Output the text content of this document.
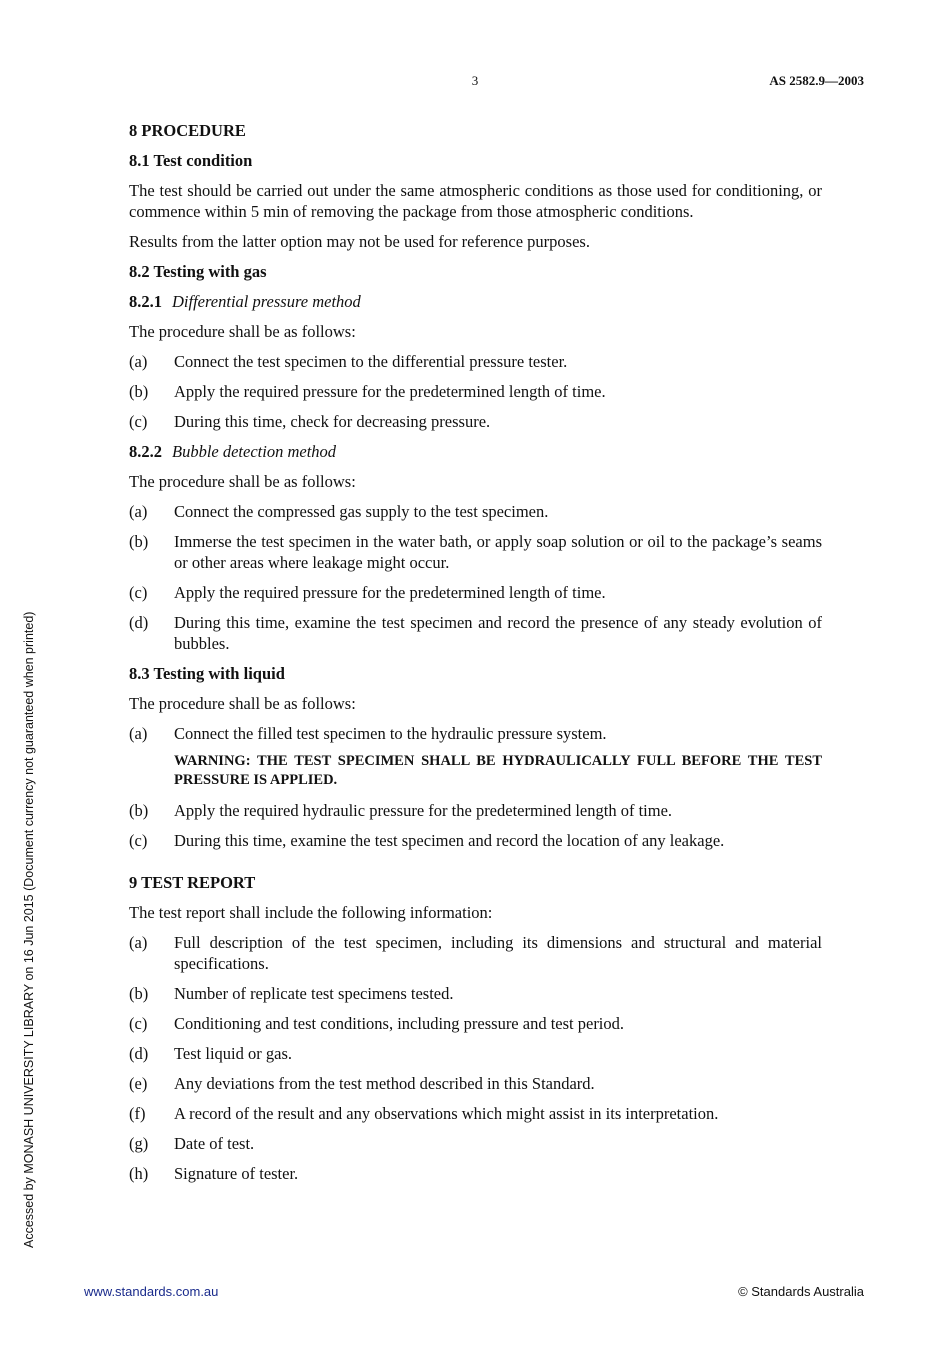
3	AS 2582.9—2003
Accessed by MONASH UNIVERSITY LIBRARY on 16 Jun 2015 (Document currency not guaranteed when printed)
8 PROCEDURE
8.1 Test condition
The test should be carried out under the same atmospheric conditions as those used for conditioning, or commence within 5 min of removing the package from those atmospheric conditions.
Results from the latter option may not be used for reference purposes.
8.2 Testing with gas
8.2.1 Differential pressure method
The procedure shall be as follows:
(a)	Connect the test specimen to the differential pressure tester.
(b)	Apply the required pressure for the predetermined length of time.
(c)	During this time, check for decreasing pressure.
8.2.2 Bubble detection method
The procedure shall be as follows:
(a)	Connect the compressed gas supply to the test specimen.
(b)	Immerse the test specimen in the water bath, or apply soap solution or oil to the package’s seams or other areas where leakage might occur.
(c)	Apply the required pressure for the predetermined length of time.
(d)	During this time, examine the test specimen and record the presence of any steady evolution of bubbles.
8.3 Testing with liquid
The procedure shall be as follows:
(a)	Connect the filled test specimen to the hydraulic pressure system.
WARNING: THE TEST SPECIMEN SHALL BE HYDRAULICALLY FULL BEFORE THE TEST PRESSURE IS APPLIED.
(b)	Apply the required hydraulic pressure for the predetermined length of time.
(c)	During this time, examine the test specimen and record the location of any leakage.
9 TEST REPORT
The test report shall include the following information:
(a)	Full description of the test specimen, including its dimensions and structural and material specifications.
(b)	Number of replicate test specimens tested.
(c)	Conditioning and test conditions, including pressure and test period.
(d)	Test liquid or gas.
(e)	Any deviations from the test method described in this Standard.
(f)	A record of the result and any observations which might assist in its interpretation.
(g)	Date of test.
(h)	Signature of tester.
www.standards.com.au	© Standards Australia
